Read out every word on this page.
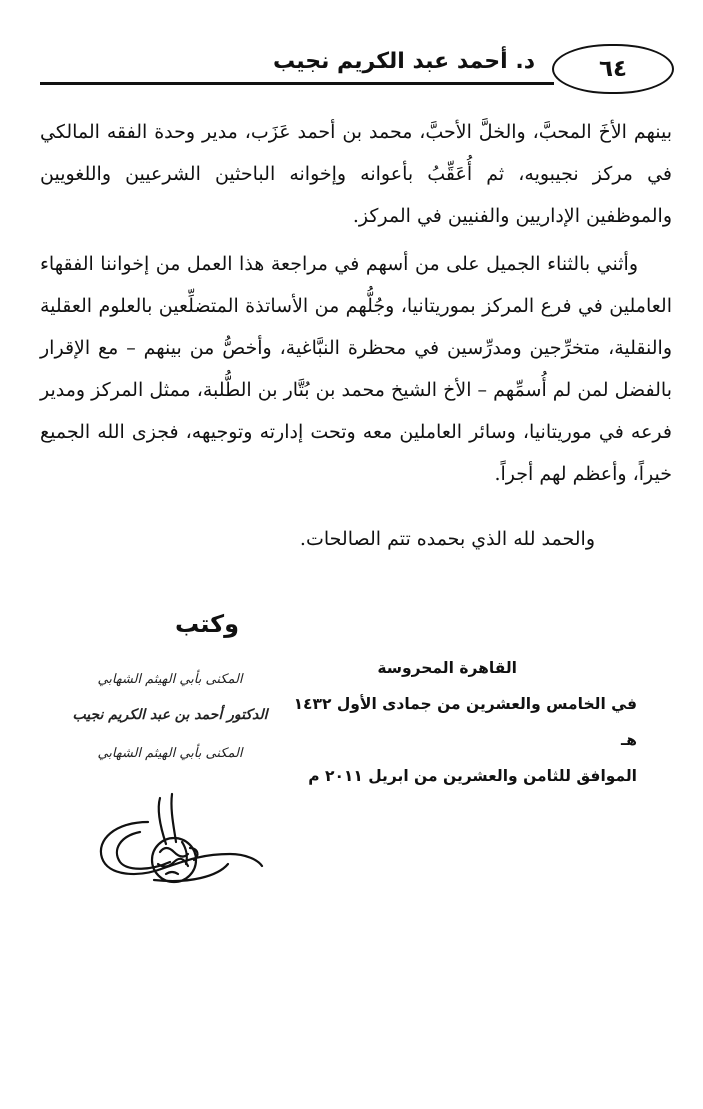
د. أحمد عبد الكريم نجيب	٦٤

بينهم الأخَ المحبَّ، والخلَّ الأحبَّ، محمد بن أحمد عَزَب، مدير وحدة الفقه المالكي في مركز نجيبويه، ثم أُعَقِّبُ بأعوانه وإخوانه الباحثين الشرعيين واللغويين والموظفين الإداريين والفنيين في المركز.

وأثني بالثناء الجميل على من أسهم في مراجعة هذا العمل من إخواننا الفقهاء العاملين في فرع المركز بموريتانيا، وجُلُّهم من الأساتذة المتضلِّعين بالعلوم العقلية والنقلية، متخرِّجين ومدرِّسين في محظرة النبَّاغية، وأخصُّ من بينهم – مع الإقرار بالفضل لمن لم أُسمِّهم – الأخ الشيخ محمد بن بُتَّار بن الطُّلبة، ممثل المركز ومدير فرعه في موريتانيا، وسائر العاملين معه وتحت إدارته وتوجيهه، فجزى الله الجميع خيراً، وأعظم لهم أجراً.

والحمد لله الذي بحمده تتم الصالحات.
القاهرة المحروسة
في الخامس والعشرين من جمادى الأول ١٤٣٢ هـ
الموافق للثامن والعشرين من ابريل ٢٠١١ م
وكتب
المكنى بأبي الهيثم الشهابي
الدكتور أحمد بن عبد الكريم نجيب
المكنى بأبي الهيثم الشهابي
